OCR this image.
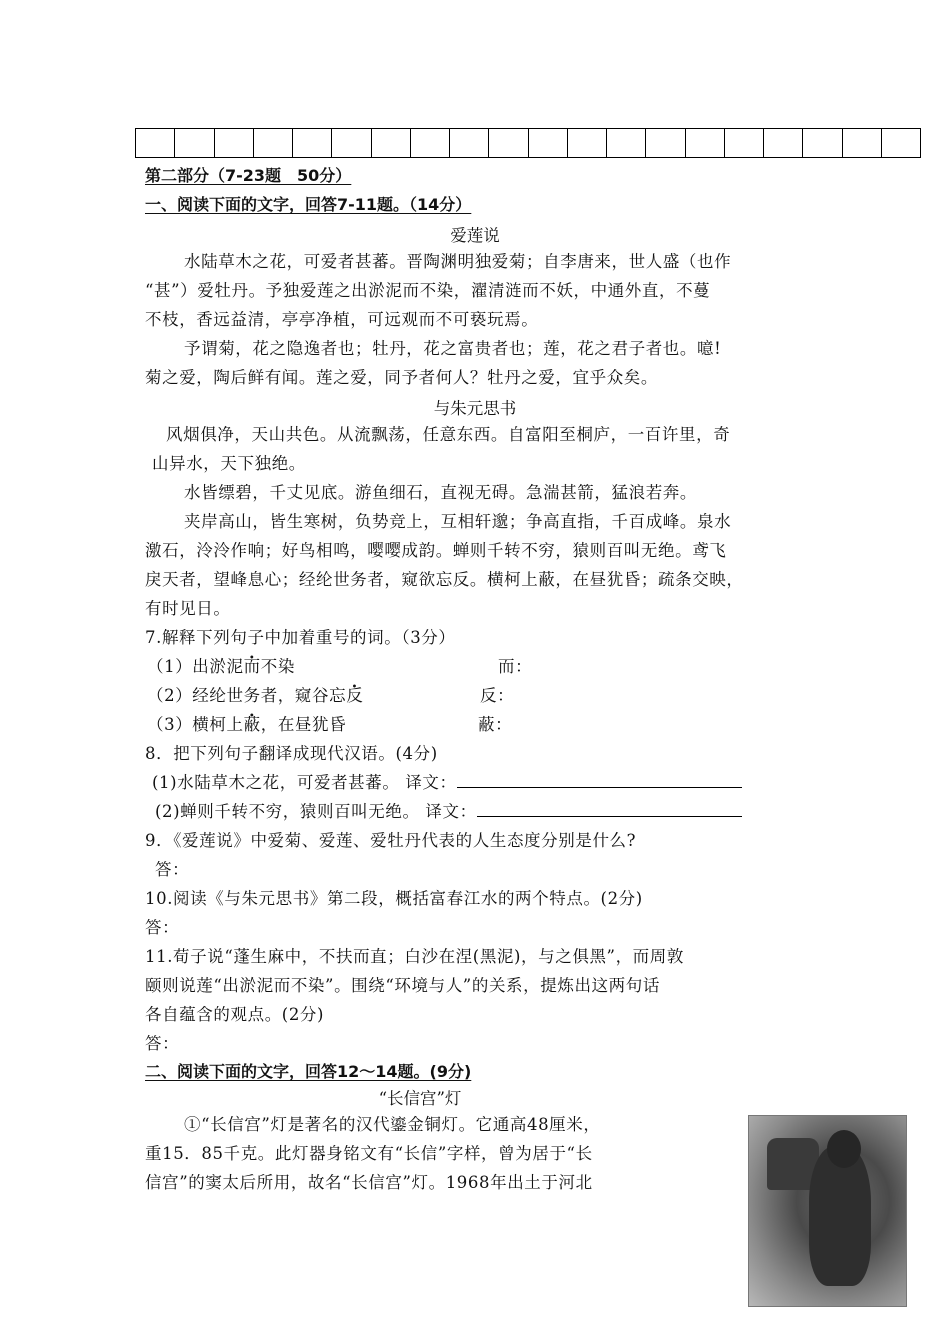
第二部分（7-23题　50分）
一、阅读下面的文字，回答7-11题。（14分）
爱莲说
水陆草木之花，可爱者甚蕃。晋陶渊明独爱菊；自李唐来，世人盛（也作
“甚”）爱牡丹。予独爱莲之出淤泥而不染，濯清涟而不妖，中通外直，不蔓
不枝，香远益清，亭亭净植，可远观而不可亵玩焉。
予谓菊，花之隐逸者也；牡丹，花之富贵者也；莲，花之君子者也。噫!
菊之爱，陶后鲜有闻。莲之爱，同予者何人？牡丹之爱，宜乎众矣。
与朱元思书
风烟俱净，天山共色。从流飘荡，任意东西。自富阳至桐庐，一百许里，奇
山异水，天下独绝。
水皆缥碧，千丈见底。游鱼细石，直视无碍。急湍甚箭，猛浪若奔。
夹岸高山，皆生寒树，负势竞上，互相轩邈；争高直指，千百成峰。泉水
激石，泠泠作响；好鸟相鸣，嘤嘤成韵。蝉则千转不穷，猿则百叫无绝。鸢飞
戾天者，望峰息心；经纶世务者，窥欲忘反。横柯上蔽，在昼犹昏；疏条交映，
有时见日。
7.解释下列句子中加着重号的词。（3分）
（1）出淤泥而不染	而：
（2）经纶世务者，窥谷忘反	反：
（3）横柯上蔽，在昼犹昏	蔽：
8．把下列句子翻译成现代汉语。(4分)
(1)水陆草木之花，可爱者甚蕃。 译文：
(2)蝉则千转不穷，猿则百叫无绝。 译文：
9．《爱莲说》中爱菊、爱莲、爱牡丹代表的人生态度分别是什么?
答：
10.阅读《与朱元思书》第二段，概括富春江水的两个特点。(2分)
答：
11.荀子说“蓬生麻中，不扶而直；白沙在涅(黑泥)，与之俱黑”，而周敦
颐则说莲“出淤泥而不染”。围绕“环境与人”的关系，提炼出这两句话
各自蕴含的观点。(2分)
答：
二、阅读下面的文字，回答12～14题。(9分)
“长信宫”灯
①“长信宫”灯是著名的汉代鎏金铜灯。它通高48厘米，
重15．85千克。此灯器身铭文有“长信”字样，曾为居于“长
信宫”的窦太后所用，故名“长信宫”灯。1968年出土于河北
